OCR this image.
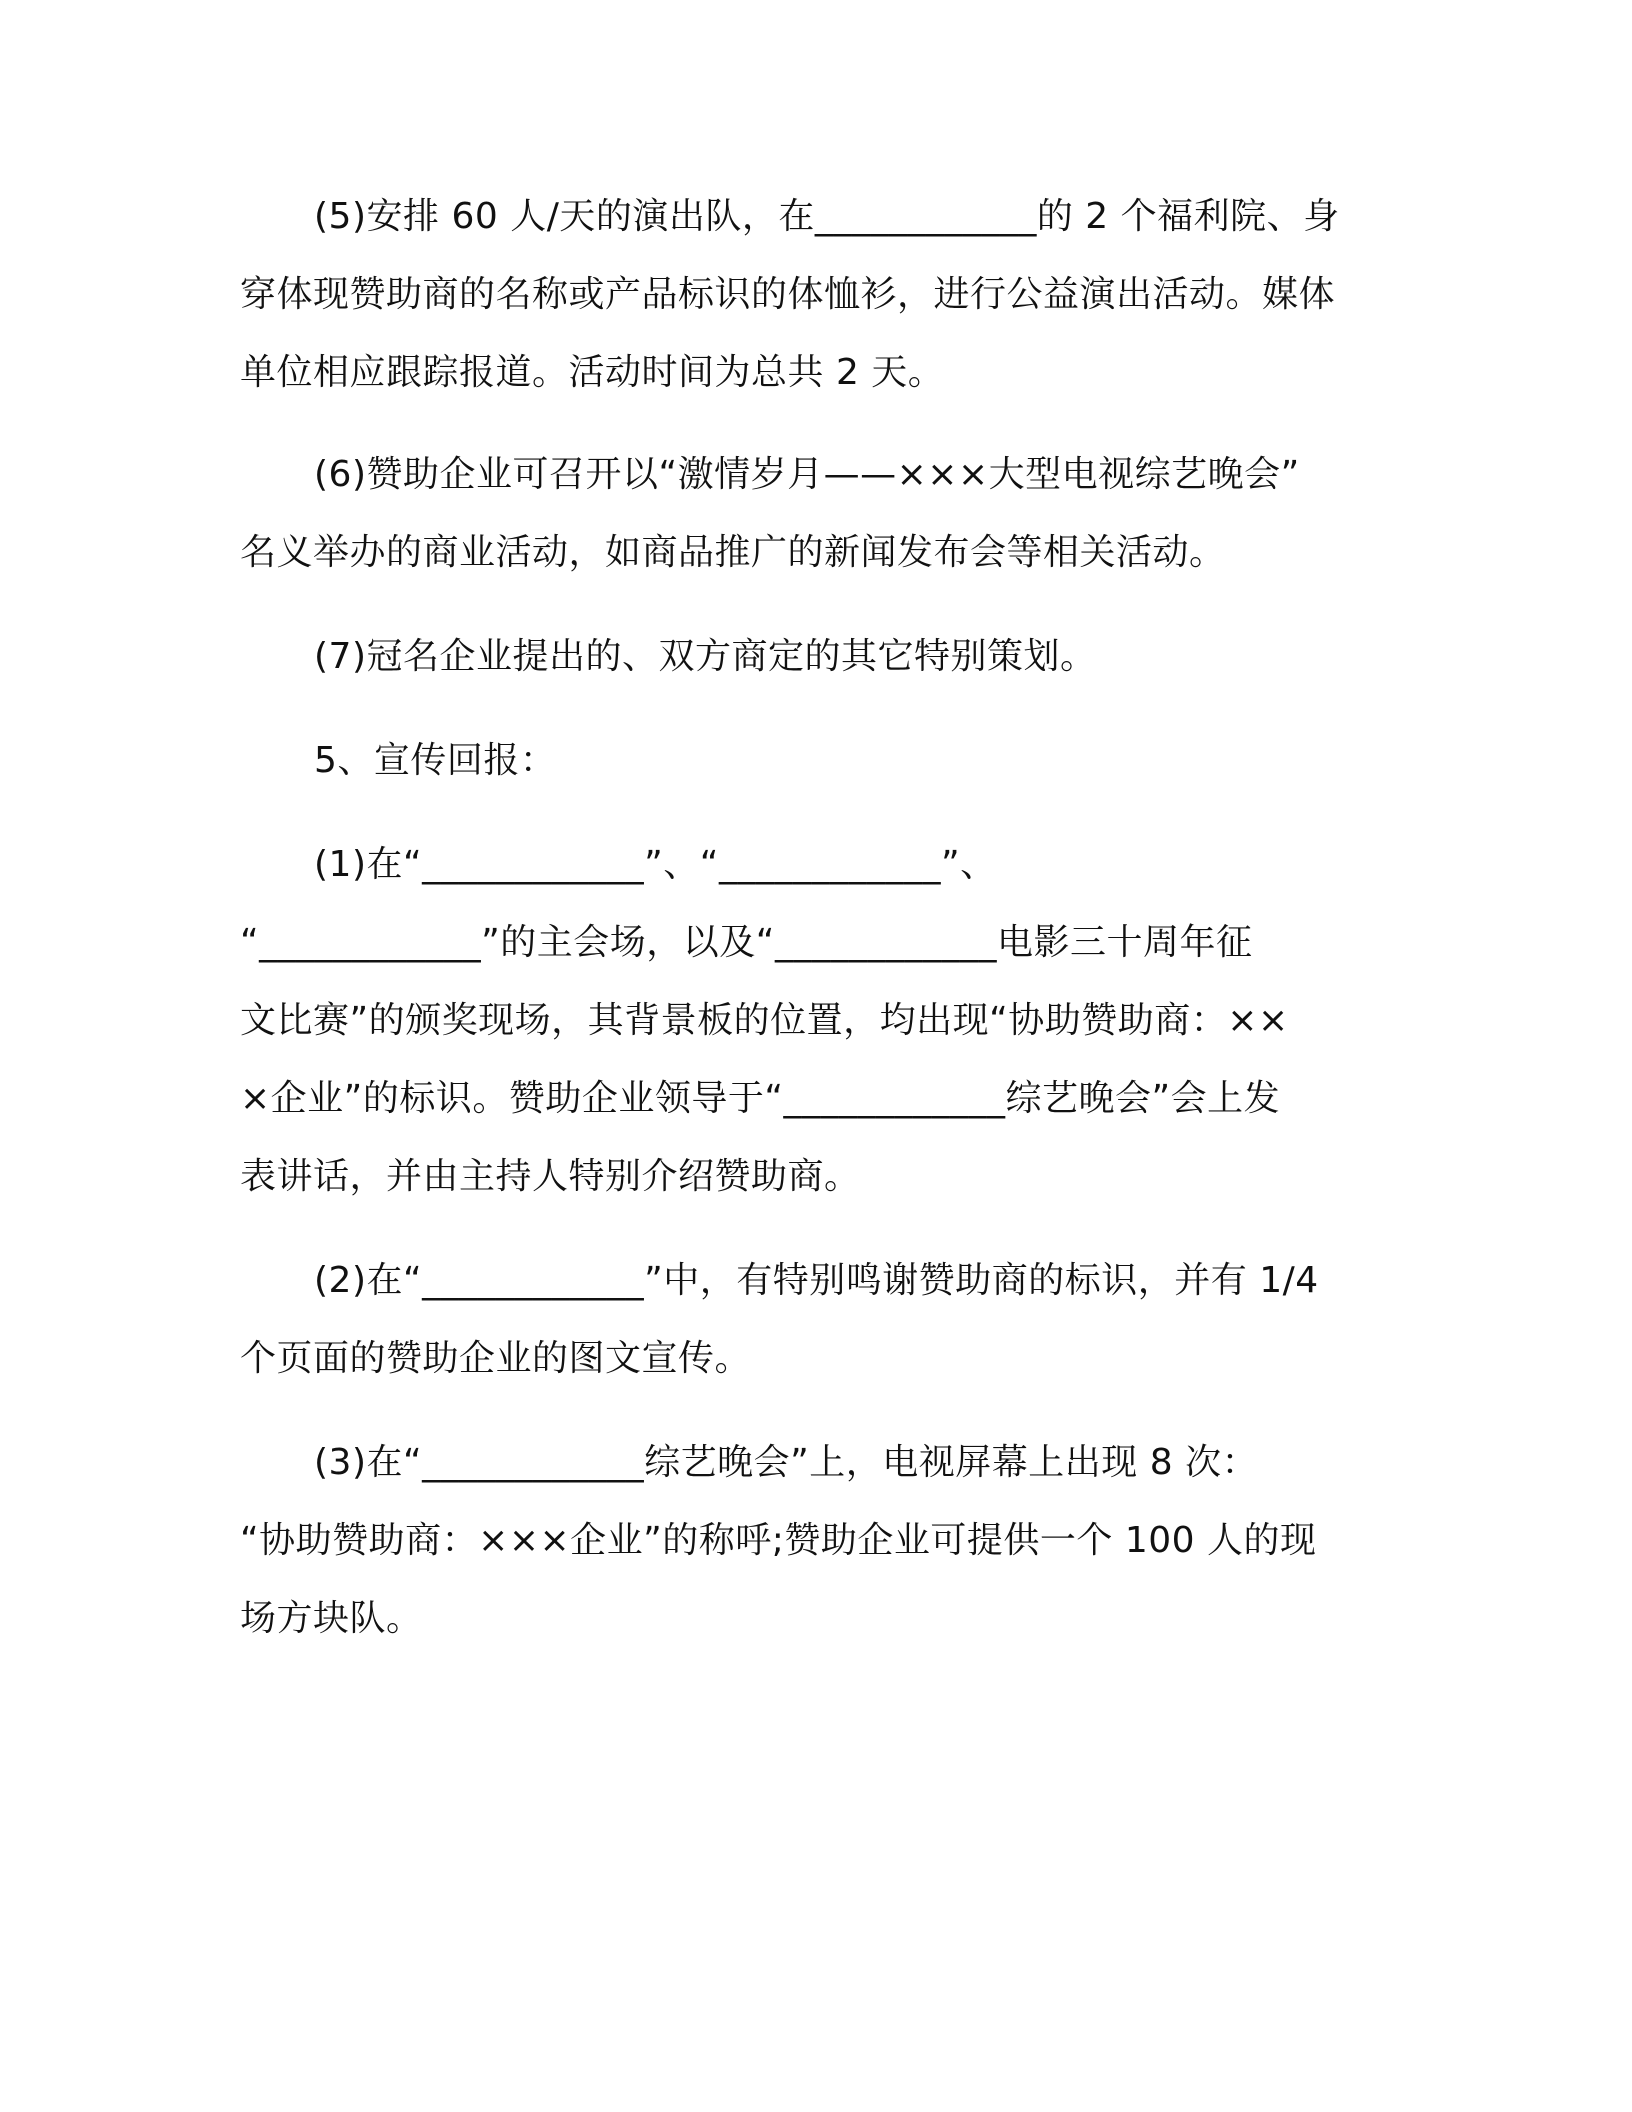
(5)安排 60 人/天的演出队，在____________的 2 个福利院、身
穿体现赞助商的名称或产品标识的体恤衫，进行公益演出活动。媒体
单位相应跟踪报道。活动时间为总共 2 天。
(6)赞助企业可召开以“激情岁月——×××大型电视综艺晚会”
名义举办的商业活动，如商品推广的新闻发布会等相关活动。
(7)冠名企业提出的、双方商定的其它特别策划。
5、宣传回报：
(1)在“____________”、“____________”、
“____________”的主会场，以及“____________电影三十周年征
文比赛”的颁奖现场，其背景板的位置，均出现“协助赞助商：××
×企业”的标识。赞助企业领导于“____________综艺晚会”会上发
表讲话，并由主持人特别介绍赞助商。
(2)在“____________”中，有特别鸣谢赞助商的标识，并有 1/4
个页面的赞助企业的图文宣传。
(3)在“____________综艺晚会”上，电视屏幕上出现 8 次：
“协助赞助商：×××企业”的称呼;赞助企业可提供一个 100 人的现
场方块队。
